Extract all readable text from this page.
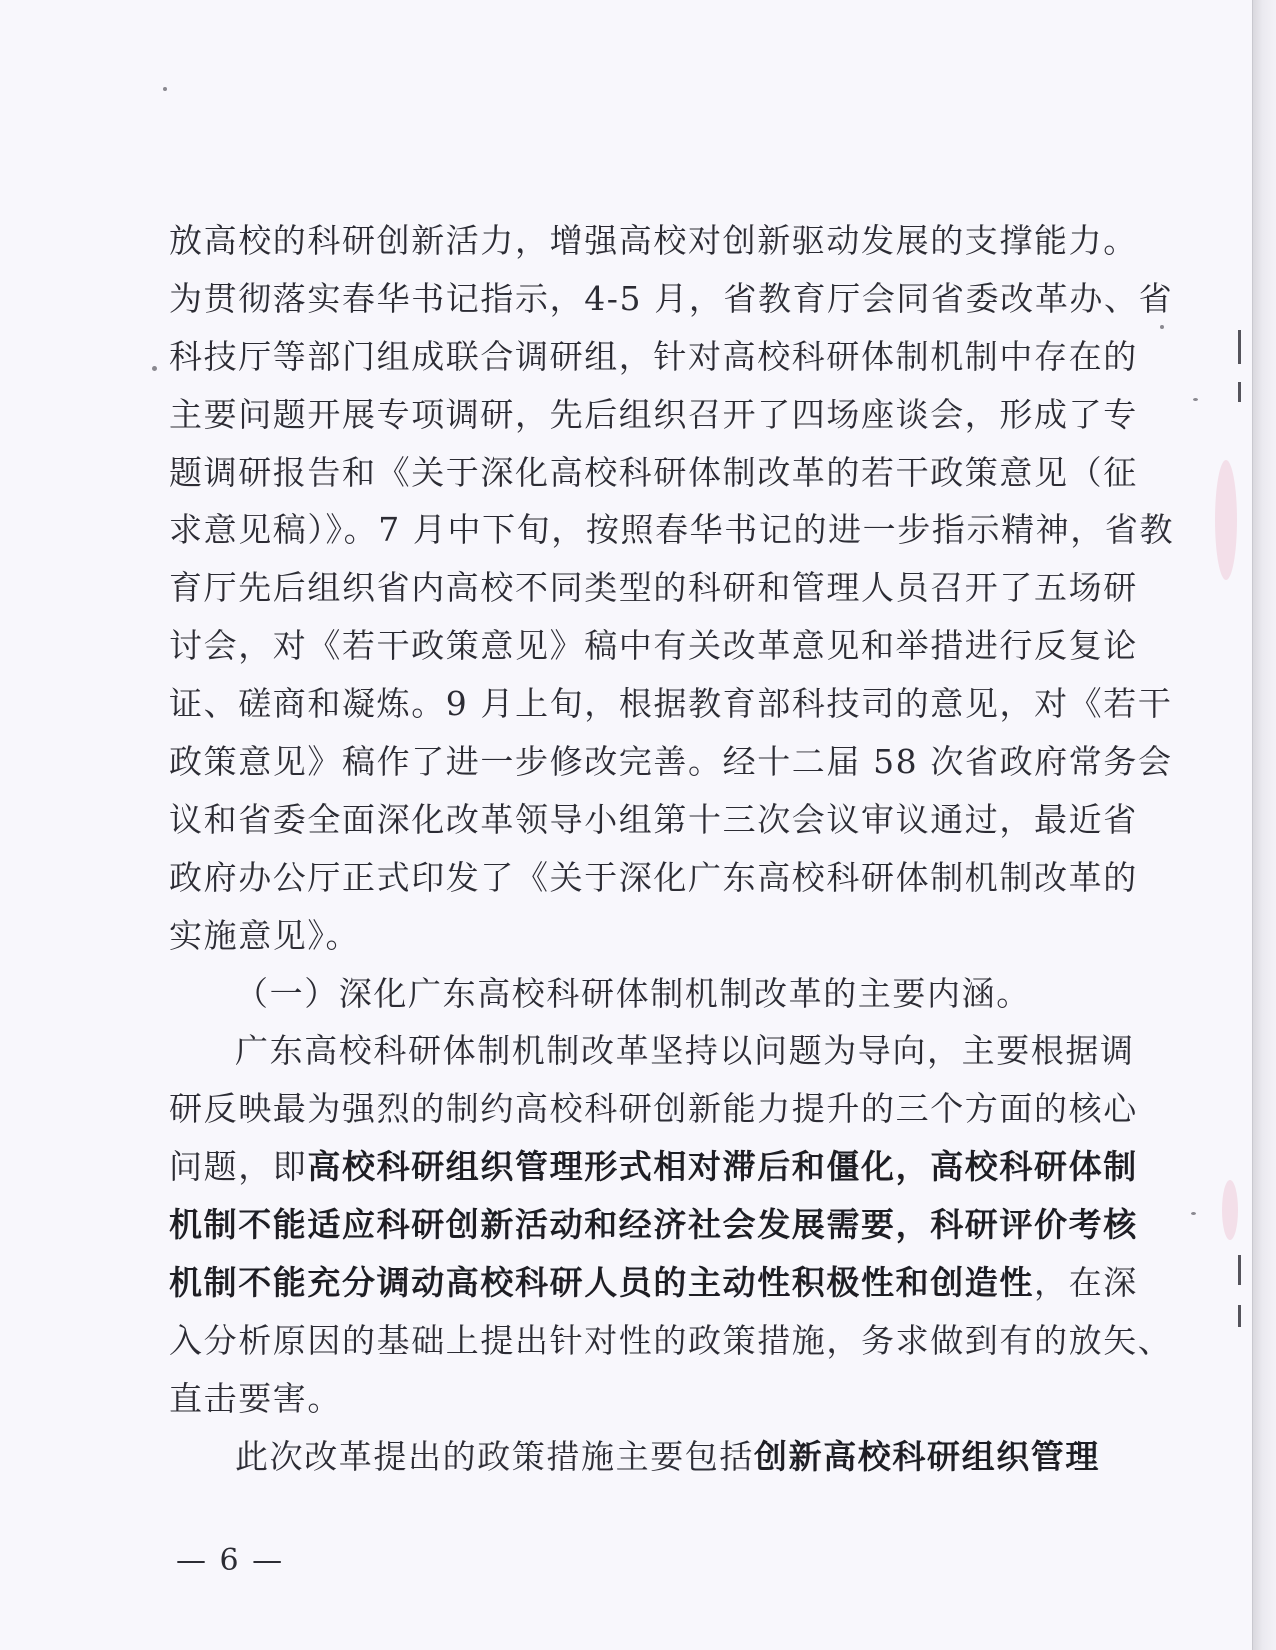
放高校的科研创新活力，增强高校对创新驱动发展的支撑能力。

为贯彻落实春华书记指示，4-5 月，省教育厅会同省委改革办、省

科技厅等部门组成联合调研组，针对高校科研体制机制中存在的

主要问题开展专项调研，先后组织召开了四场座谈会，形成了专

题调研报告和《关于深化高校科研体制改革的若干政策意见（征

求意见稿）》。7 月中下旬，按照春华书记的进一步指示精神，省教

育厅先后组织省内高校不同类型的科研和管理人员召开了五场研

讨会，对《若干政策意见》稿中有关改革意见和举措进行反复论

证、磋商和凝炼。9 月上旬，根据教育部科技司的意见，对《若干

政策意见》稿作了进一步修改完善。经十二届 58 次省政府常务会

议和省委全面深化改革领导小组第十三次会议审议通过，最近省

政府办公厅正式印发了《关于深化广东高校科研体制机制改革的

实施意见》。

（一）深化广东高校科研体制机制改革的主要内涵。

广东高校科研体制机制改革坚持以问题为导向，主要根据调

研反映最为强烈的制约高校科研创新能力提升的三个方面的核心

问题，即高校科研组织管理形式相对滞后和僵化，高校科研体制

机制不能适应科研创新活动和经济社会发展需要，科研评价考核

机制不能充分调动高校科研人员的主动性积极性和创造性，在深

入分析原因的基础上提出针对性的政策措施，务求做到有的放矢、

直击要害。

此次改革提出的政策措施主要包括创新高校科研组织管理

— 6 —
